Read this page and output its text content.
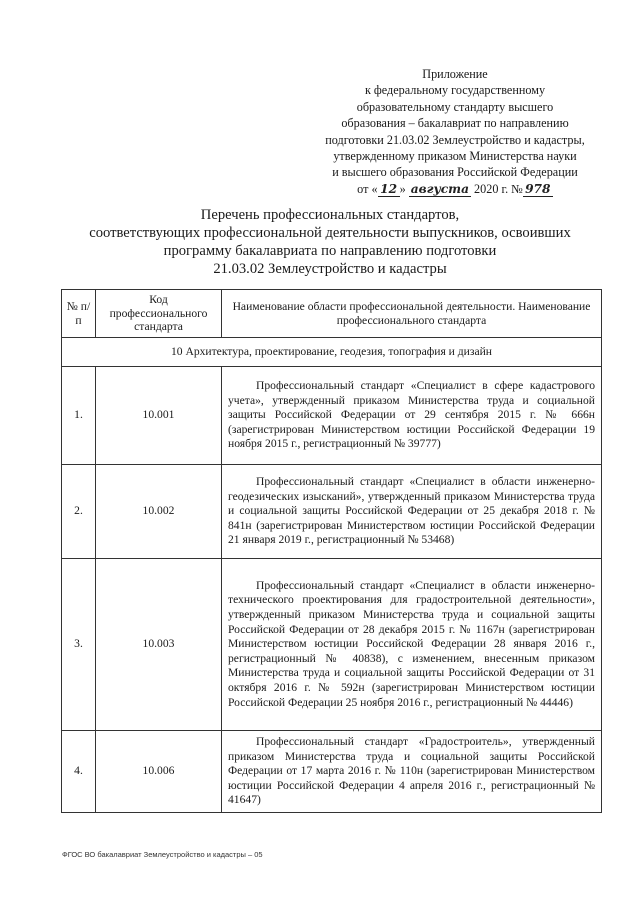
Приложение
к федеральному государственному
образовательному стандарту высшего
образования – бакалавриат по направлению
подготовки 21.03.02 Землеустройство и кадастры,
утвержденному приказом Министерства науки
и высшего образования Российской Федерации
от « 12 » августа 2020 г. № 978
Перечень профессиональных стандартов,
соответствующих профессиональной деятельности выпускников, освоивших
программу бакалавриата по направлению подготовки
21.03.02 Землеустройство и кадастры
№ п/п	Код профессионального стандарта	Наименование области профессиональной деятельности. Наименование профессионального стандарта
10 Архитектура, проектирование, геодезия, топография и дизайн		
1.	10.001	Профессиональный стандарт «Специалист в сфере кадастрового учета», утвержденный приказом Министерства труда и социальной защиты Российской Федерации от 29 сентября 2015 г. № 666н (зарегистрирован Министерством юстиции Российской Федерации 19 ноября 2015 г., регистрационный № 39777)

2.	10.002	Профессиональный стандарт «Специалист в области инженерно-геодезических изысканий», утвержденный приказом Министерства труда и социальной защиты Российской Федерации от 25 декабря 2018 г. № 841н (зарегистрирован Министерством юстиции Российской Федерации 21 января 2019 г., регистрационный № 53468)

3.	10.003	Профессиональный стандарт «Специалист в области инженерно-технического проектирования для градостроительной деятельности», утвержденный приказом Министерства труда и социальной защиты Российской Федерации от 28 декабря 2015 г. № 1167н (зарегистрирован Министерством юстиции Российской Федерации 28 января 2016 г., регистрационный № 40838), с изменением, внесенным приказом Министерства труда и социальной защиты Российской Федерации от 31 октября 2016 г. № 592н (зарегистрирован Министерством юстиции Российской Федерации 25 ноября 2016 г., регистрационный № 44446)

4.	10.006	Профессиональный стандарт «Градостроитель», утвержденный приказом Министерства труда и социальной защиты Российской Федерации от 17 марта 2016 г. № 110н (зарегистрирован Министерством юстиции Российской Федерации 4 апреля 2016 г., регистрационный № 41647)
ФГОС ВО бакалавриат Землеустройство и кадастры – 05
